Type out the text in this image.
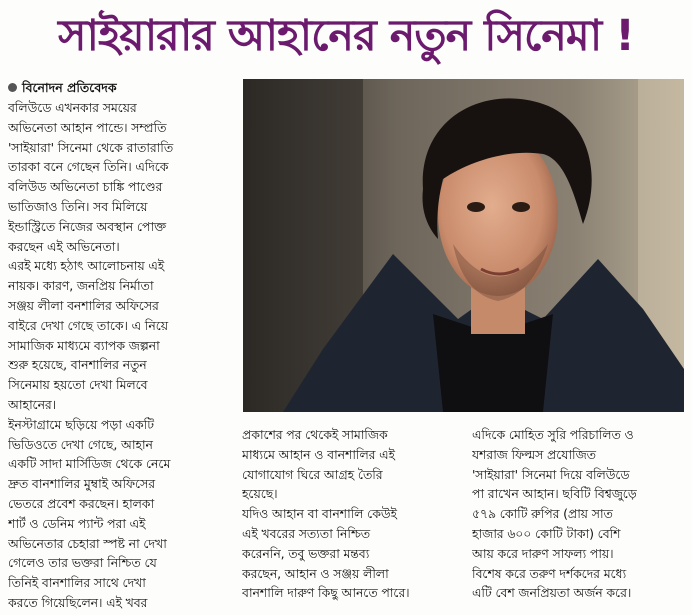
সাইয়ারার আহানের নতুন সিনেমা !
বিনোদন প্রতিবেদক

বলিউডে এখনকার সময়ের

অভিনেতা আহান পান্ডে। সম্প্রতি

'সাইয়ারা' সিনেমা থেকে রাতারাতি

তারকা বনে গেছেন তিনি। এদিকে

বলিউড অভিনেতা চাঙ্কি পাণ্ডের

ভাতিজাও তিনি। সব মিলিয়ে

ইন্ডাস্ট্রিতে নিজের অবস্থান পোক্ত

করছেন এই অভিনেতা।

এরই মধ্যে হঠাৎ আলোচনায় এই

নায়ক। কারণ, জনপ্রিয় নির্মাতা

সঞ্জয় লীলা বনশালির অফিসের

বাইরে দেখা গেছে তাকে। এ নিয়ে

সামাজিক মাধ্যমে ব্যাপক জল্পনা

শুরু হয়েছে, বানশালির নতুন

সিনেমায় হয়তো দেখা মিলবে

আহানের।

ইনস্টাগ্রামে ছড়িয়ে পড়া একটি

ভিডিওতে দেখা গেছে, আহান

একটি সাদা মার্সিডিজ থেকে নেমে

দ্রুত বানশালির মুম্বাই অফিসের

ভেতরে প্রবেশ করছেন। হালকা

শার্ট ও ডেনিম প্যান্ট পরা এই

অভিনেতার চেহারা স্পষ্ট না দেখা

গেলেও তার ভক্তরা নিশ্চিত যে

তিনিই বানশালির সাথে দেখা

করতে গিয়েছিলেন। এই খবর

প্রকাশের পর থেকেই সামাজিক

মাধ্যমে আহান ও বানশালির এই

যোগাযোগ ঘিরে আগ্রহ তৈরি

হয়েছে।

যদিও আহান বা বানশালি কেউই

এই খবরের সত্যতা নিশ্চিত

করেননি, তবু ভক্তরা মন্তব্য

করছেন, আহান ও সঞ্জয় লীলা

বানশালি দারুণ কিছু আনতে পারে।

এদিকে মোহিত সুরি পরিচালিত ও

যশরাজ ফিল্মস প্রযোজিত

'সাইয়ারা' সিনেমা দিয়ে বলিউডে

পা রাখেন আহান। ছবিটি বিশ্বজুড়ে

৫৭৯ কোটি রুপির (প্রায় সাত

হাজার ৬০০ কোটি টাকা) বেশি

আয় করে দারুণ সাফল্য পায়।

বিশেষ করে তরুণ দর্শকদের মধ্যে

এটি বেশ জনপ্রিয়তা অর্জন করে।
